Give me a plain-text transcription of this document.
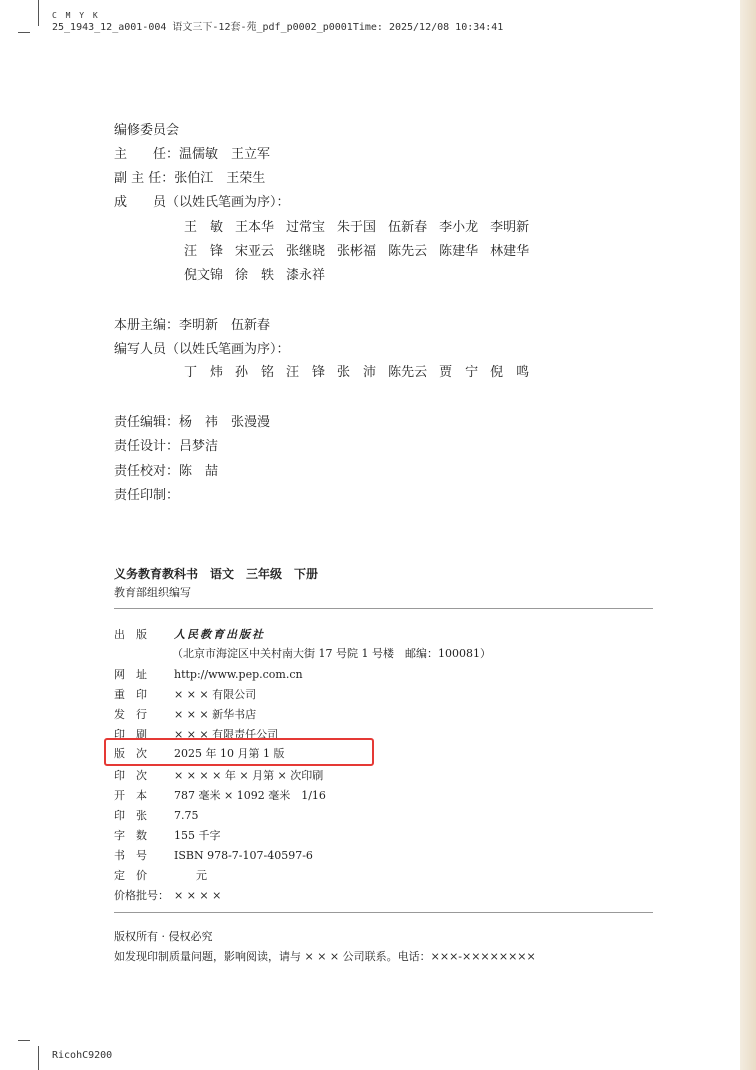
C M Y K
25_1943_12_a001-004 语文三下-12套-苑_pdf_p0002_p0001Time: 2025/12/08 10:34:41
编修委员会
主　　任：温儒敏　王立军
副 主 任：张伯江　王荣生
成　　员（以姓氏笔画为序）：
王　敏 王本华 过常宝 朱于国 伍新春 李小龙 李明新
汪　锋 宋亚云 张继晓 张彬福 陈先云 陈建华 林建华
倪文锦 徐　轶 漆永祥
本册主编：李明新　伍新春
编写人员（以姓氏笔画为序）：
丁　炜 孙　铭 汪　锋 张　沛 陈先云 贾　宁 倪　鸣
责任编辑：杨　祎　张漫漫
责任设计：吕梦洁
责任校对：陈　喆
责任印制：
义务教育教科书　语文　三年级　下册
教育部组织编写
出　版 人民教育出版社
（北京市海淀区中关村南大街 17 号院 1 号楼　邮编：100081）
网　址 http://www.pep.com.cn
重　印 × × × 有限公司
发　行 × × × 新华书店
印　刷 × × × 有限责任公司
版　次 2025 年 10 月第 1 版
印　次 × × × × 年 × 月第 × 次印刷
开　本 787 毫米 × 1092 毫米　1/16
印　张 7.75
字　数 155 千字
书　号 ISBN 978-7-107-40597-6
定　价　　元
价格批号： × × × ×
版权所有 · 侵权必究
如发现印制质量问题，影响阅读，请与 × × × 公司联系。电话：×××-××××××××
RicohC9200
